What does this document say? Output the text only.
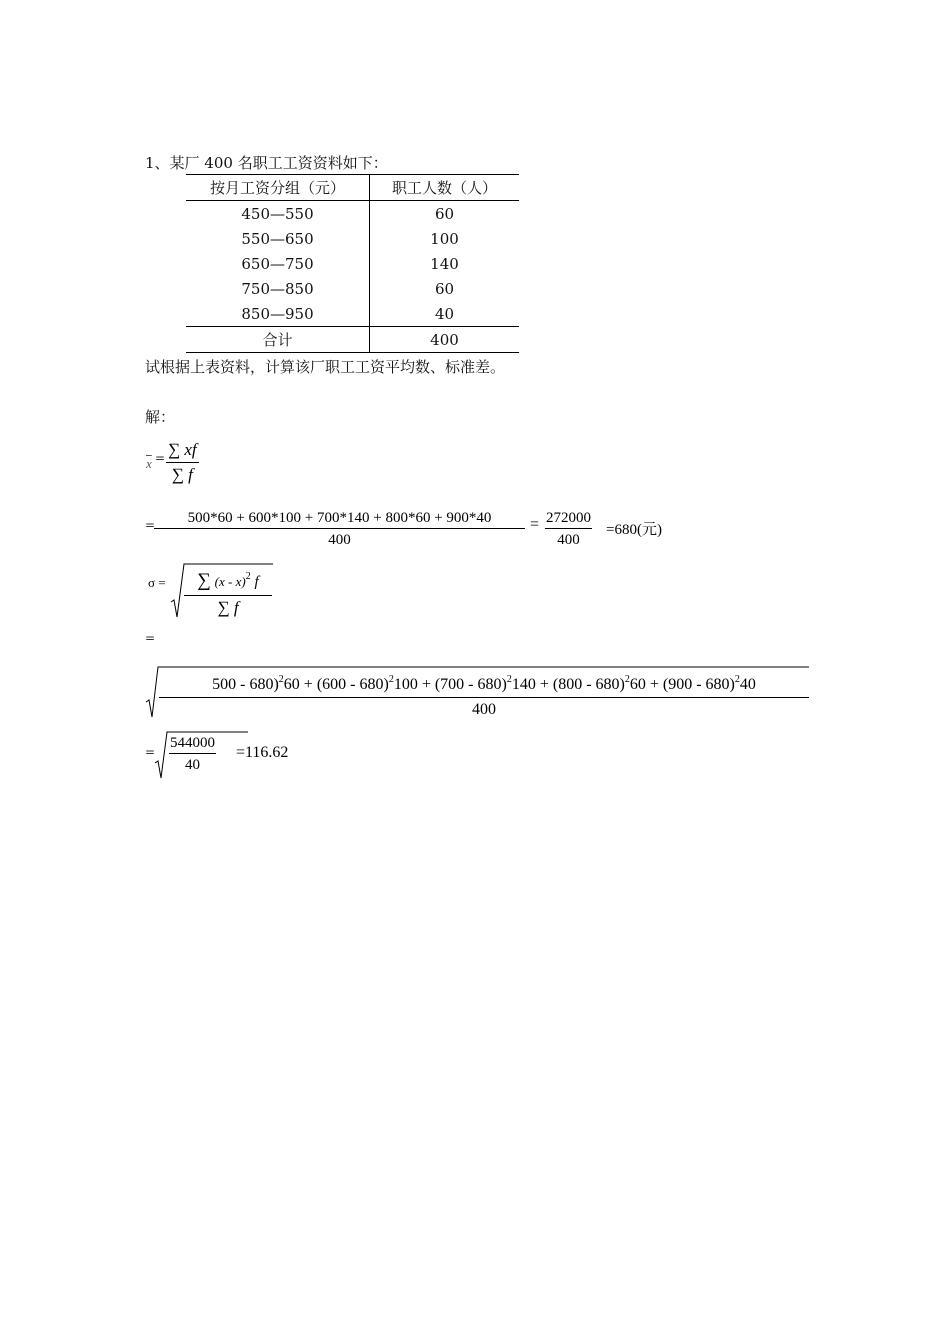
1、某厂 400 名职工工资资料如下：
按月工资分组（元）	职工人数（人）
450—550	60
550—650	100
650—750	140
750—850	60
850—950	40
合计	400
试根据上表资料，计算该厂职工工资平均数、标准差。
解：
$\overline{x}$ = ∑ xf
∑ f
= 500*60 + 600*100 + 700*140 + 800*60 + 900*40
400
= 272000
400
=680(元)
σ = ∑ (x - x)$^2$ f
∑ f
=
500 - 680)$^2$60 + (600 - 680)$^2$100 + (700 - 680)$^2$140 + (800 - 680)$^2$60 + (900 - 680)$^2$40
400
=
544000
40
=116.62
